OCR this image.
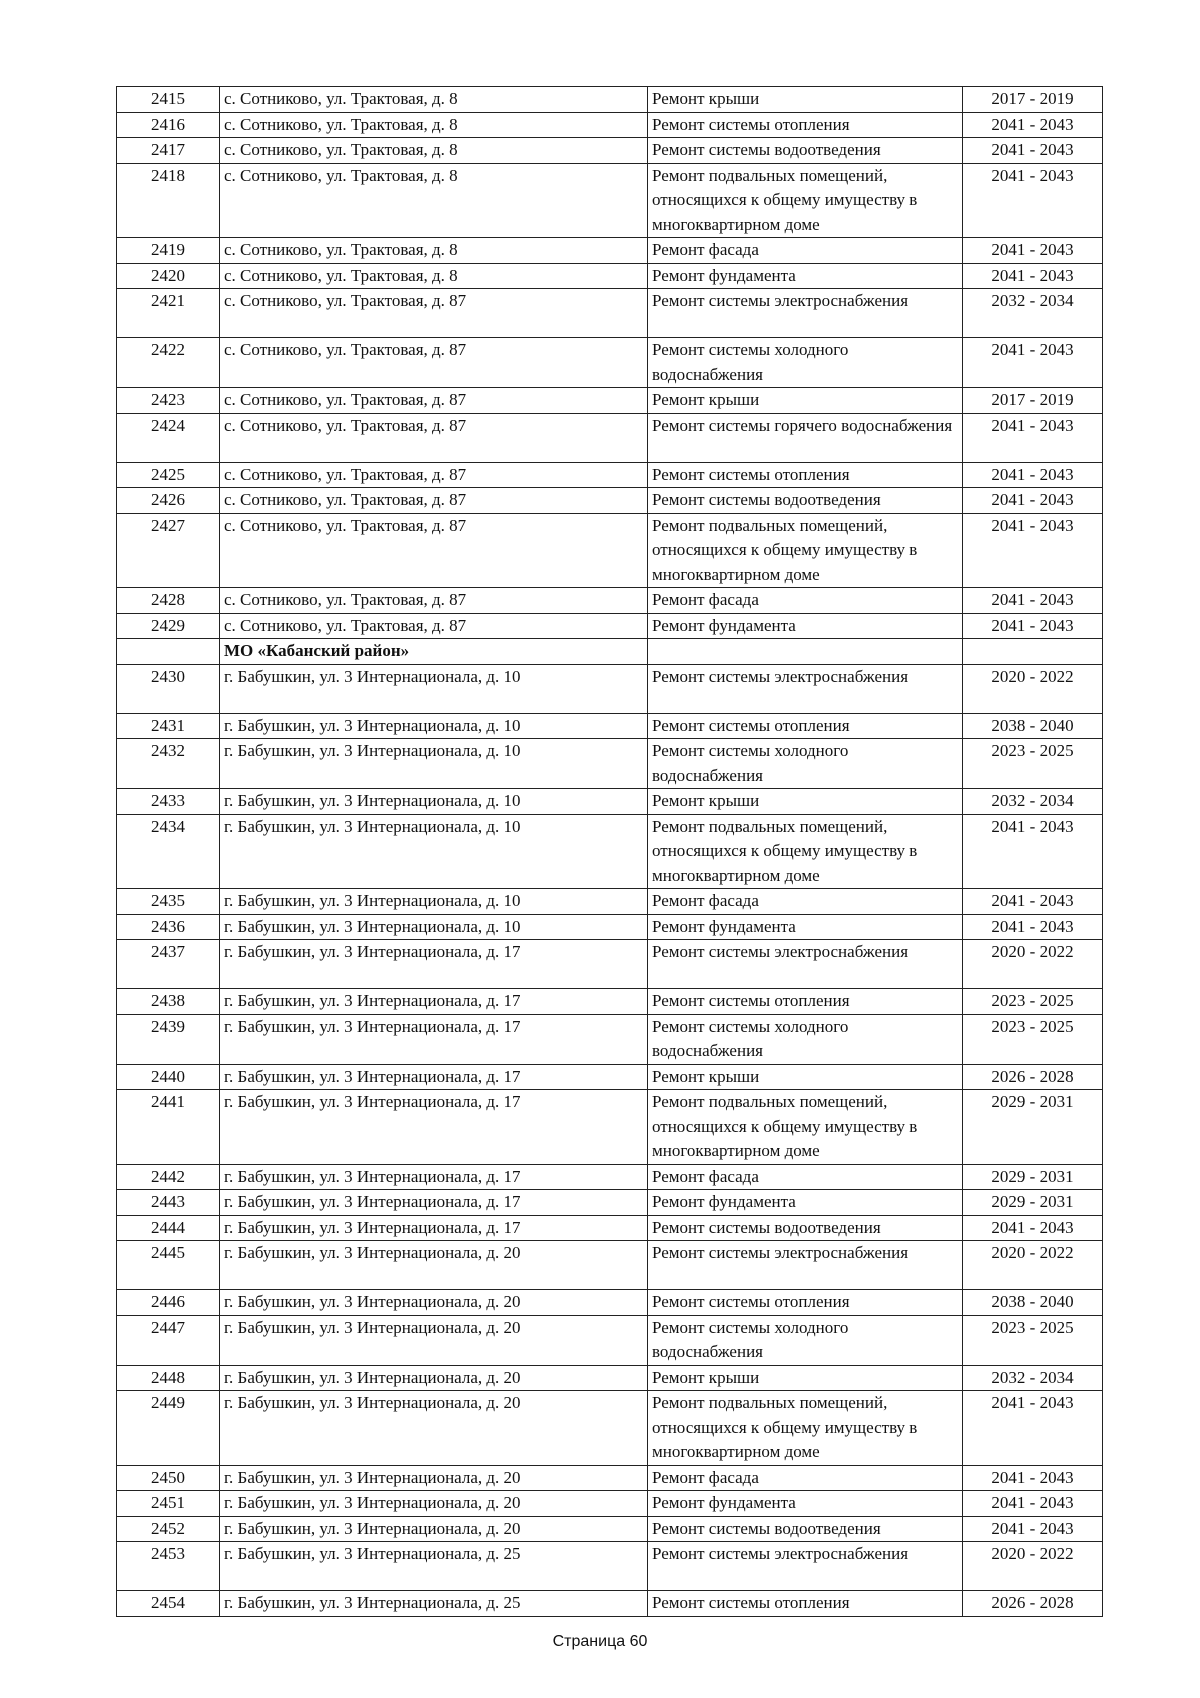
2415	с. Сотниково, ул. Трактовая, д. 8	Ремонт крыши	2017 - 2019
2416	с. Сотниково, ул. Трактовая, д. 8	Ремонт системы отопления	2041 - 2043
2417	с. Сотниково, ул. Трактовая, д. 8	Ремонт системы водоотведения	2041 - 2043
2418	с. Сотниково, ул. Трактовая, д. 8	Ремонт подвальных помещений, относящихся к общему имуществу в многоквартирном доме	2041 - 2043
2419	с. Сотниково, ул. Трактовая, д. 8	Ремонт фасада	2041 - 2043
2420	с. Сотниково, ул. Трактовая, д. 8	Ремонт фундамента	2041 - 2043
2421	с. Сотниково, ул. Трактовая, д. 87	Ремонт системы электроснабжения	2032 - 2034
2422	с. Сотниково, ул. Трактовая, д. 87	Ремонт системы холодного водоснабжения	2041 - 2043
2423	с. Сотниково, ул. Трактовая, д. 87	Ремонт крыши	2017 - 2019
2424	с. Сотниково, ул. Трактовая, д. 87	Ремонт системы горячего водоснабжения	2041 - 2043
2425	с. Сотниково, ул. Трактовая, д. 87	Ремонт системы отопления	2041 - 2043
2426	с. Сотниково, ул. Трактовая, д. 87	Ремонт системы водоотведения	2041 - 2043
2427	с. Сотниково, ул. Трактовая, д. 87	Ремонт подвальных помещений, относящихся к общему имуществу в многоквартирном доме	2041 - 2043
2428	с. Сотниково, ул. Трактовая, д. 87	Ремонт фасада	2041 - 2043
2429	с. Сотниково, ул. Трактовая, д. 87	Ремонт фундамента	2041 - 2043
	МО «Кабанский район»		
2430	г. Бабушкин, ул. 3 Интернационала, д. 10	Ремонт системы электроснабжения	2020 - 2022
2431	г. Бабушкин, ул. 3 Интернационала, д. 10	Ремонт системы отопления	2038 - 2040
2432	г. Бабушкин, ул. 3 Интернационала, д. 10	Ремонт системы холодного водоснабжения	2023 - 2025
2433	г. Бабушкин, ул. 3 Интернационала, д. 10	Ремонт крыши	2032 - 2034
2434	г. Бабушкин, ул. 3 Интернационала, д. 10	Ремонт подвальных помещений, относящихся к общему имуществу в многоквартирном доме	2041 - 2043
2435	г. Бабушкин, ул. 3 Интернационала, д. 10	Ремонт фасада	2041 - 2043
2436	г. Бабушкин, ул. 3 Интернационала, д. 10	Ремонт фундамента	2041 - 2043
2437	г. Бабушкин, ул. 3 Интернационала, д. 17	Ремонт системы электроснабжения	2020 - 2022
2438	г. Бабушкин, ул. 3 Интернационала, д. 17	Ремонт системы отопления	2023 - 2025
2439	г. Бабушкин, ул. 3 Интернационала, д. 17	Ремонт системы холодного водоснабжения	2023 - 2025
2440	г. Бабушкин, ул. 3 Интернационала, д. 17	Ремонт крыши	2026 - 2028
2441	г. Бабушкин, ул. 3 Интернационала, д. 17	Ремонт подвальных помещений, относящихся к общему имуществу в многоквартирном доме	2029 - 2031
2442	г. Бабушкин, ул. 3 Интернационала, д. 17	Ремонт фасада	2029 - 2031
2443	г. Бабушкин, ул. 3 Интернационала, д. 17	Ремонт фундамента	2029 - 2031
2444	г. Бабушкин, ул. 3 Интернационала, д. 17	Ремонт системы водоотведения	2041 - 2043
2445	г. Бабушкин, ул. 3 Интернационала, д. 20	Ремонт системы электроснабжения	2020 - 2022
2446	г. Бабушкин, ул. 3 Интернационала, д. 20	Ремонт системы отопления	2038 - 2040
2447	г. Бабушкин, ул. 3 Интернационала, д. 20	Ремонт системы холодного водоснабжения	2023 - 2025
2448	г. Бабушкин, ул. 3 Интернационала, д. 20	Ремонт крыши	2032 - 2034
2449	г. Бабушкин, ул. 3 Интернационала, д. 20	Ремонт подвальных помещений, относящихся к общему имуществу в многоквартирном доме	2041 - 2043
2450	г. Бабушкин, ул. 3 Интернационала, д. 20	Ремонт фасада	2041 - 2043
2451	г. Бабушкин, ул. 3 Интернационала, д. 20	Ремонт фундамента	2041 - 2043
2452	г. Бабушкин, ул. 3 Интернационала, д. 20	Ремонт системы водоотведения	2041 - 2043
2453	г. Бабушкин, ул. 3 Интернационала, д. 25	Ремонт системы электроснабжения	2020 - 2022
2454	г. Бабушкин, ул. 3 Интернационала, д. 25	Ремонт системы отопления	2026 - 2028
Страница 60
